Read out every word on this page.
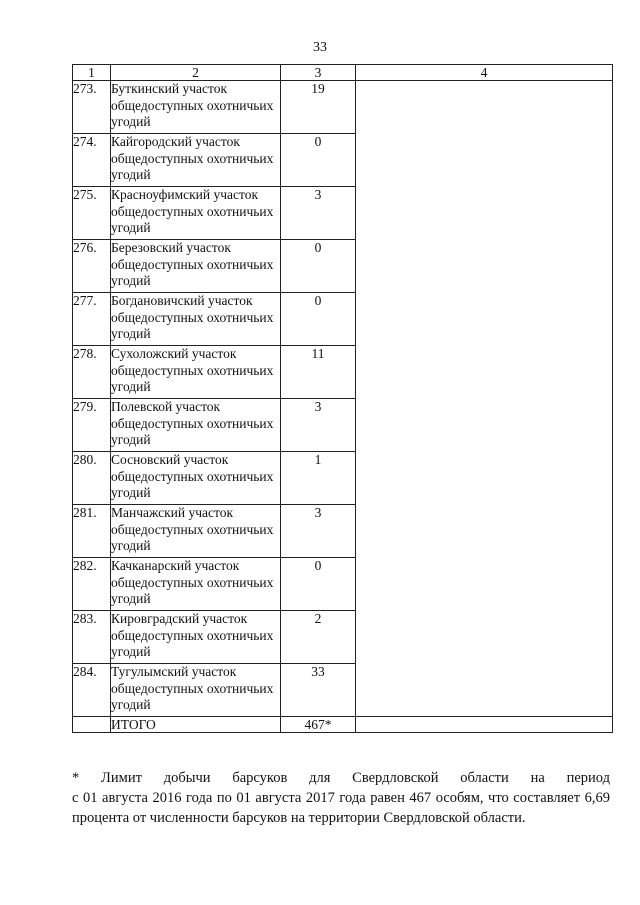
33
1	2	3	4
273.	Буткинский участок общедоступных охотничьих угодий	19	
274.	Кайгородский участок общедоступных охотничьих угодий	0	
275.	Красноуфимский участок общедоступных охотничьих угодий	3	
276.	Березовский участок общедоступных охотничьих угодий	0	
277.	Богдановичский участок общедоступных охотничьих угодий	0	
278.	Сухоложский участок общедоступных охотничьих угодий	11	
279.	Полевской участок общедоступных охотничьих угодий	3	
280.	Сосновский участок общедоступных охотничьих угодий	1	
281.	Манчажский участок общедоступных охотничьих угодий	3	
282.	Качканарский участок общедоступных охотничьих угодий	0	
283.	Кировградский участок общедоступных охотничьих угодий	2	
284.	Тугулымский участок общедоступных охотничьих угодий	33	
	ИТОГО	467*	

* Лимит добычи барсуков для Свердловской области на период

с 01 августа 2016 года по 01 августа 2017 года равен 467 особям, что составляет 6,69 процента от численности барсуков на территории Свердловской области.
